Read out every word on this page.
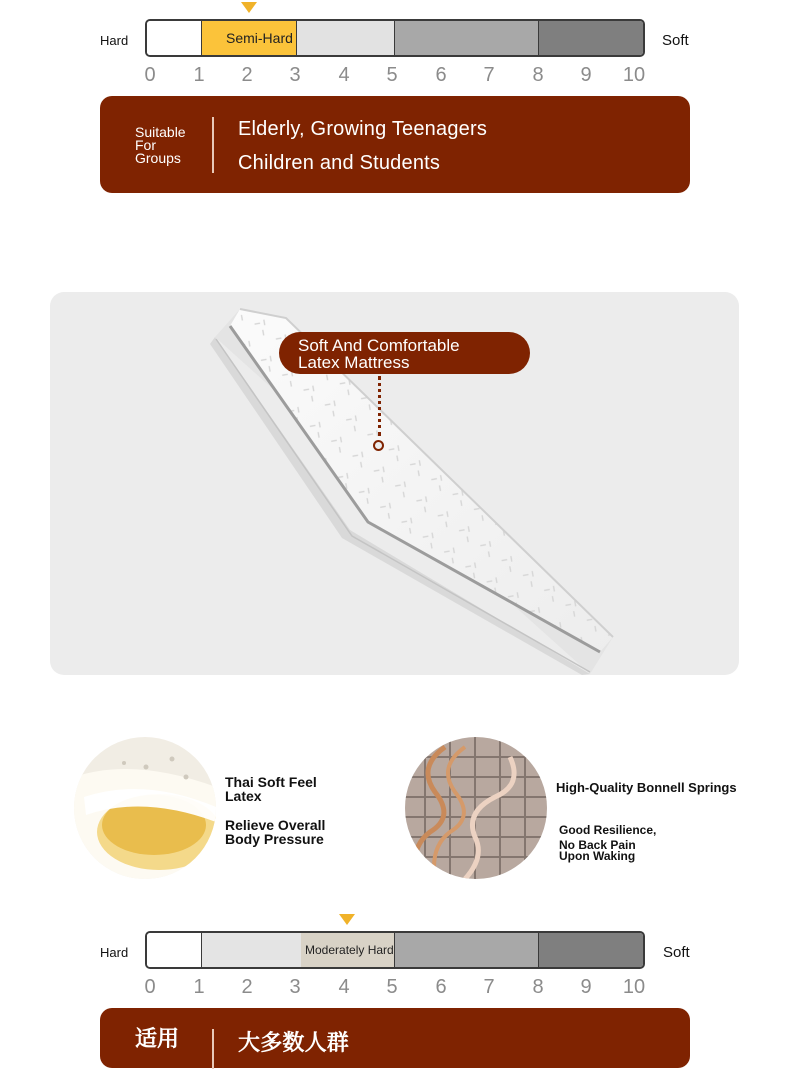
Hard	Semi-Hard	Soft
0	1	2	3	4	5	6	7	8	9	10
Suitable For Groups
Elderly, Growing Teenagers
Children and Students
Soft And Comfortable
Latex Mattress
Thai Soft Feel
Latex
Relieve Overall
Body Pressure
High-Quality Bonnell Springs
Good Resilience,
No Back Pain
Upon Waking
Hard	Moderately Hard	Soft
0	1	2	3	4	5	6	7	8	9	10
适用	大多数人群
